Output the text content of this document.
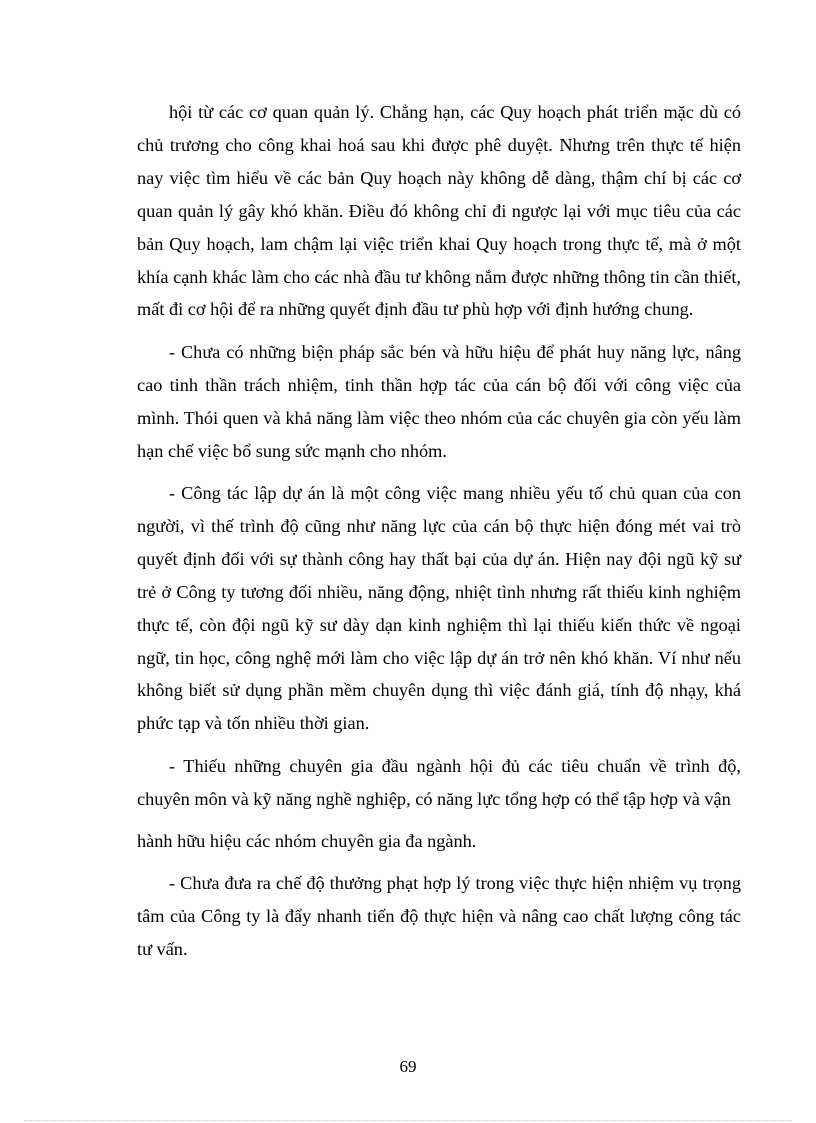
hội từ các cơ quan quản lý. Chẳng hạn, các Quy hoạch phát triển mặc dù có chủ trương cho công khai hoá sau khi được phê duyệt. Nhưng trên thực tế hiện nay việc tìm hiểu về các bản Quy hoạch này không dễ dàng, thậm chí bị các cơ quan quản lý gây khó khăn. Điều đó không chỉ đi ngược lại với mục tiêu của các bản Quy hoạch, lam chậm lại việc triển khai Quy hoạch trong thực tế, mà ở một khía cạnh khác làm cho các nhà đầu tư không nắm được những thông tin cần thiết, mất đi cơ hội để ra những quyết định đầu tư phù hợp với định hướng chung.

- Chưa có những biện pháp sắc bén và hữu hiệu để phát huy năng lực, nâng cao tinh thần trách nhiệm, tinh thần hợp tác của cán bộ đối với công việc của mình. Thói quen và khả năng làm việc theo nhóm của các chuyên gia còn yếu làm hạn chế việc bổ sung sức mạnh cho nhóm.

- Công tác lập dự án là một công việc mang nhiều yếu tố chủ quan của con người, vì thế trình độ cũng như năng lực của cán bộ thực hiện đóng mét vai trò quyết định đối với sự thành công hay thất bại của dự án. Hiện nay đội ngũ kỹ sư trẻ ở Công ty tương đối nhiều, năng động, nhiệt tình nhưng rất thiếu kinh nghiệm thực tế, còn đội ngũ kỹ sư dày dạn kinh nghiệm thì lại thiếu kiến thức về ngoại ngữ, tin học, công nghệ mới làm cho việc lập dự án trở nên khó khăn. Ví như nếu không biết sử dụng phần mềm chuyên dụng thì việc đánh giá, tính độ nhạy, khá phức tạp và tốn nhiều thời gian.

- Thiếu những chuyên gia đầu ngành hội đủ các tiêu chuẩn về trình độ, chuyên môn và kỹ năng nghề nghiệp, có năng lực tổng hợp có thể tập hợp và vận

hành hữu hiệu các nhóm chuyên gia đa ngành.

- Chưa đưa ra chế độ thưởng phạt hợp lý trong việc thực hiện nhiệm vụ trọng tâm của Công ty là đẩy nhanh tiến độ thực hiện và nâng cao chất lượng công tác tư vấn.

69
